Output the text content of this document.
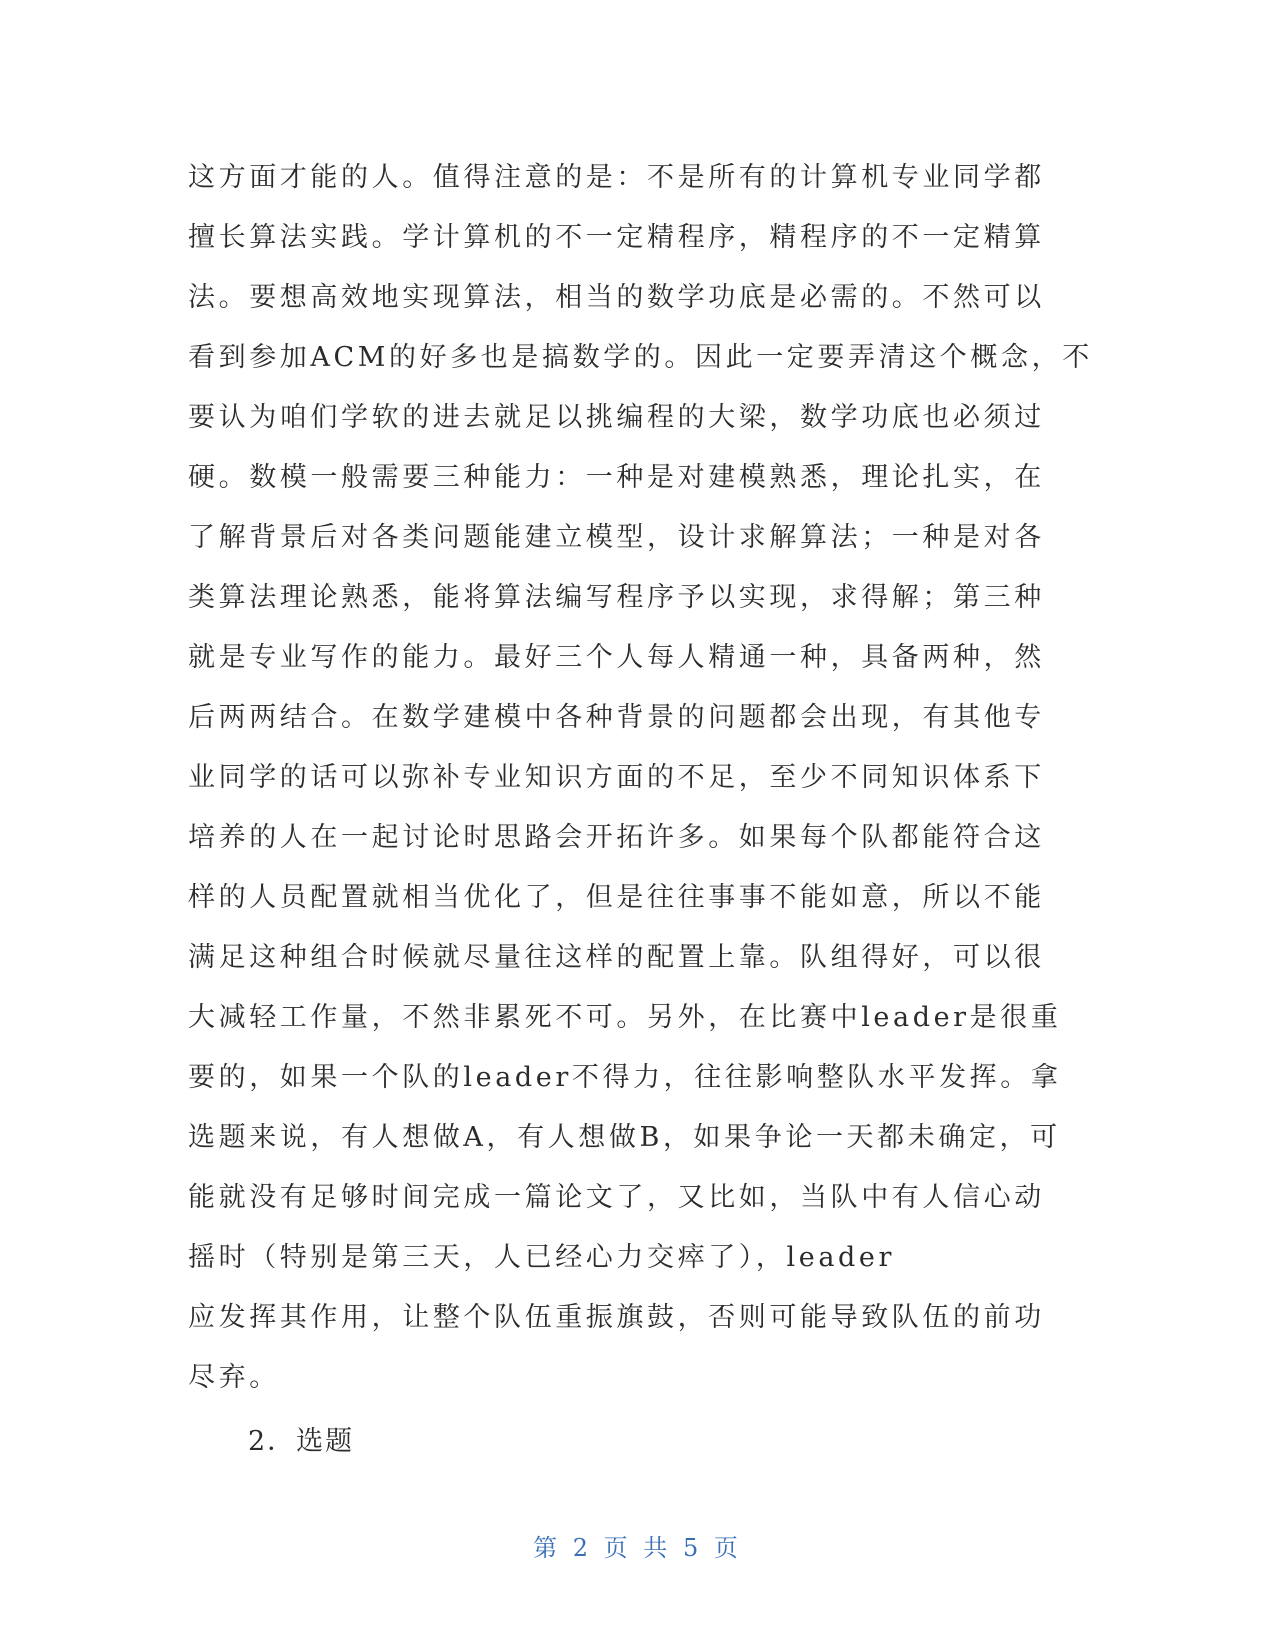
这方面才能的人。值得注意的是：不是所有的计算机专业同学都
擅长算法实践。学计算机的不一定精程序，精程序的不一定精算
法。要想高效地实现算法，相当的数学功底是必需的。不然可以
看到参加ACM的好多也是搞数学的。因此一定要弄清这个概念，不
要认为咱们学软的进去就足以挑编程的大梁，数学功底也必须过
硬。数模一般需要三种能力：一种是对建模熟悉，理论扎实，在
了解背景后对各类问题能建立模型，设计求解算法；一种是对各
类算法理论熟悉，能将算法编写程序予以实现，求得解；第三种
就是专业写作的能力。最好三个人每人精通一种，具备两种，然
后两两结合。在数学建模中各种背景的问题都会出现，有其他专
业同学的话可以弥补专业知识方面的不足，至少不同知识体系下
培养的人在一起讨论时思路会开拓许多。如果每个队都能符合这
样的人员配置就相当优化了，但是往往事事不能如意，所以不能
满足这种组合时候就尽量往这样的配置上靠。队组得好，可以很
大减轻工作量，不然非累死不可。另外，在比赛中leader是很重
要的，如果一个队的leader不得力，往往影响整队水平发挥。拿
选题来说，有人想做A，有人想做B，如果争论一天都未确定，可
能就没有足够时间完成一篇论文了，又比如，当队中有人信心动
摇时（特别是第三天，人已经心力交瘁了），leader
应发挥其作用，让整个队伍重振旗鼓，否则可能导致队伍的前功
尽弃。
2．选题
第 2 页 共 5 页
